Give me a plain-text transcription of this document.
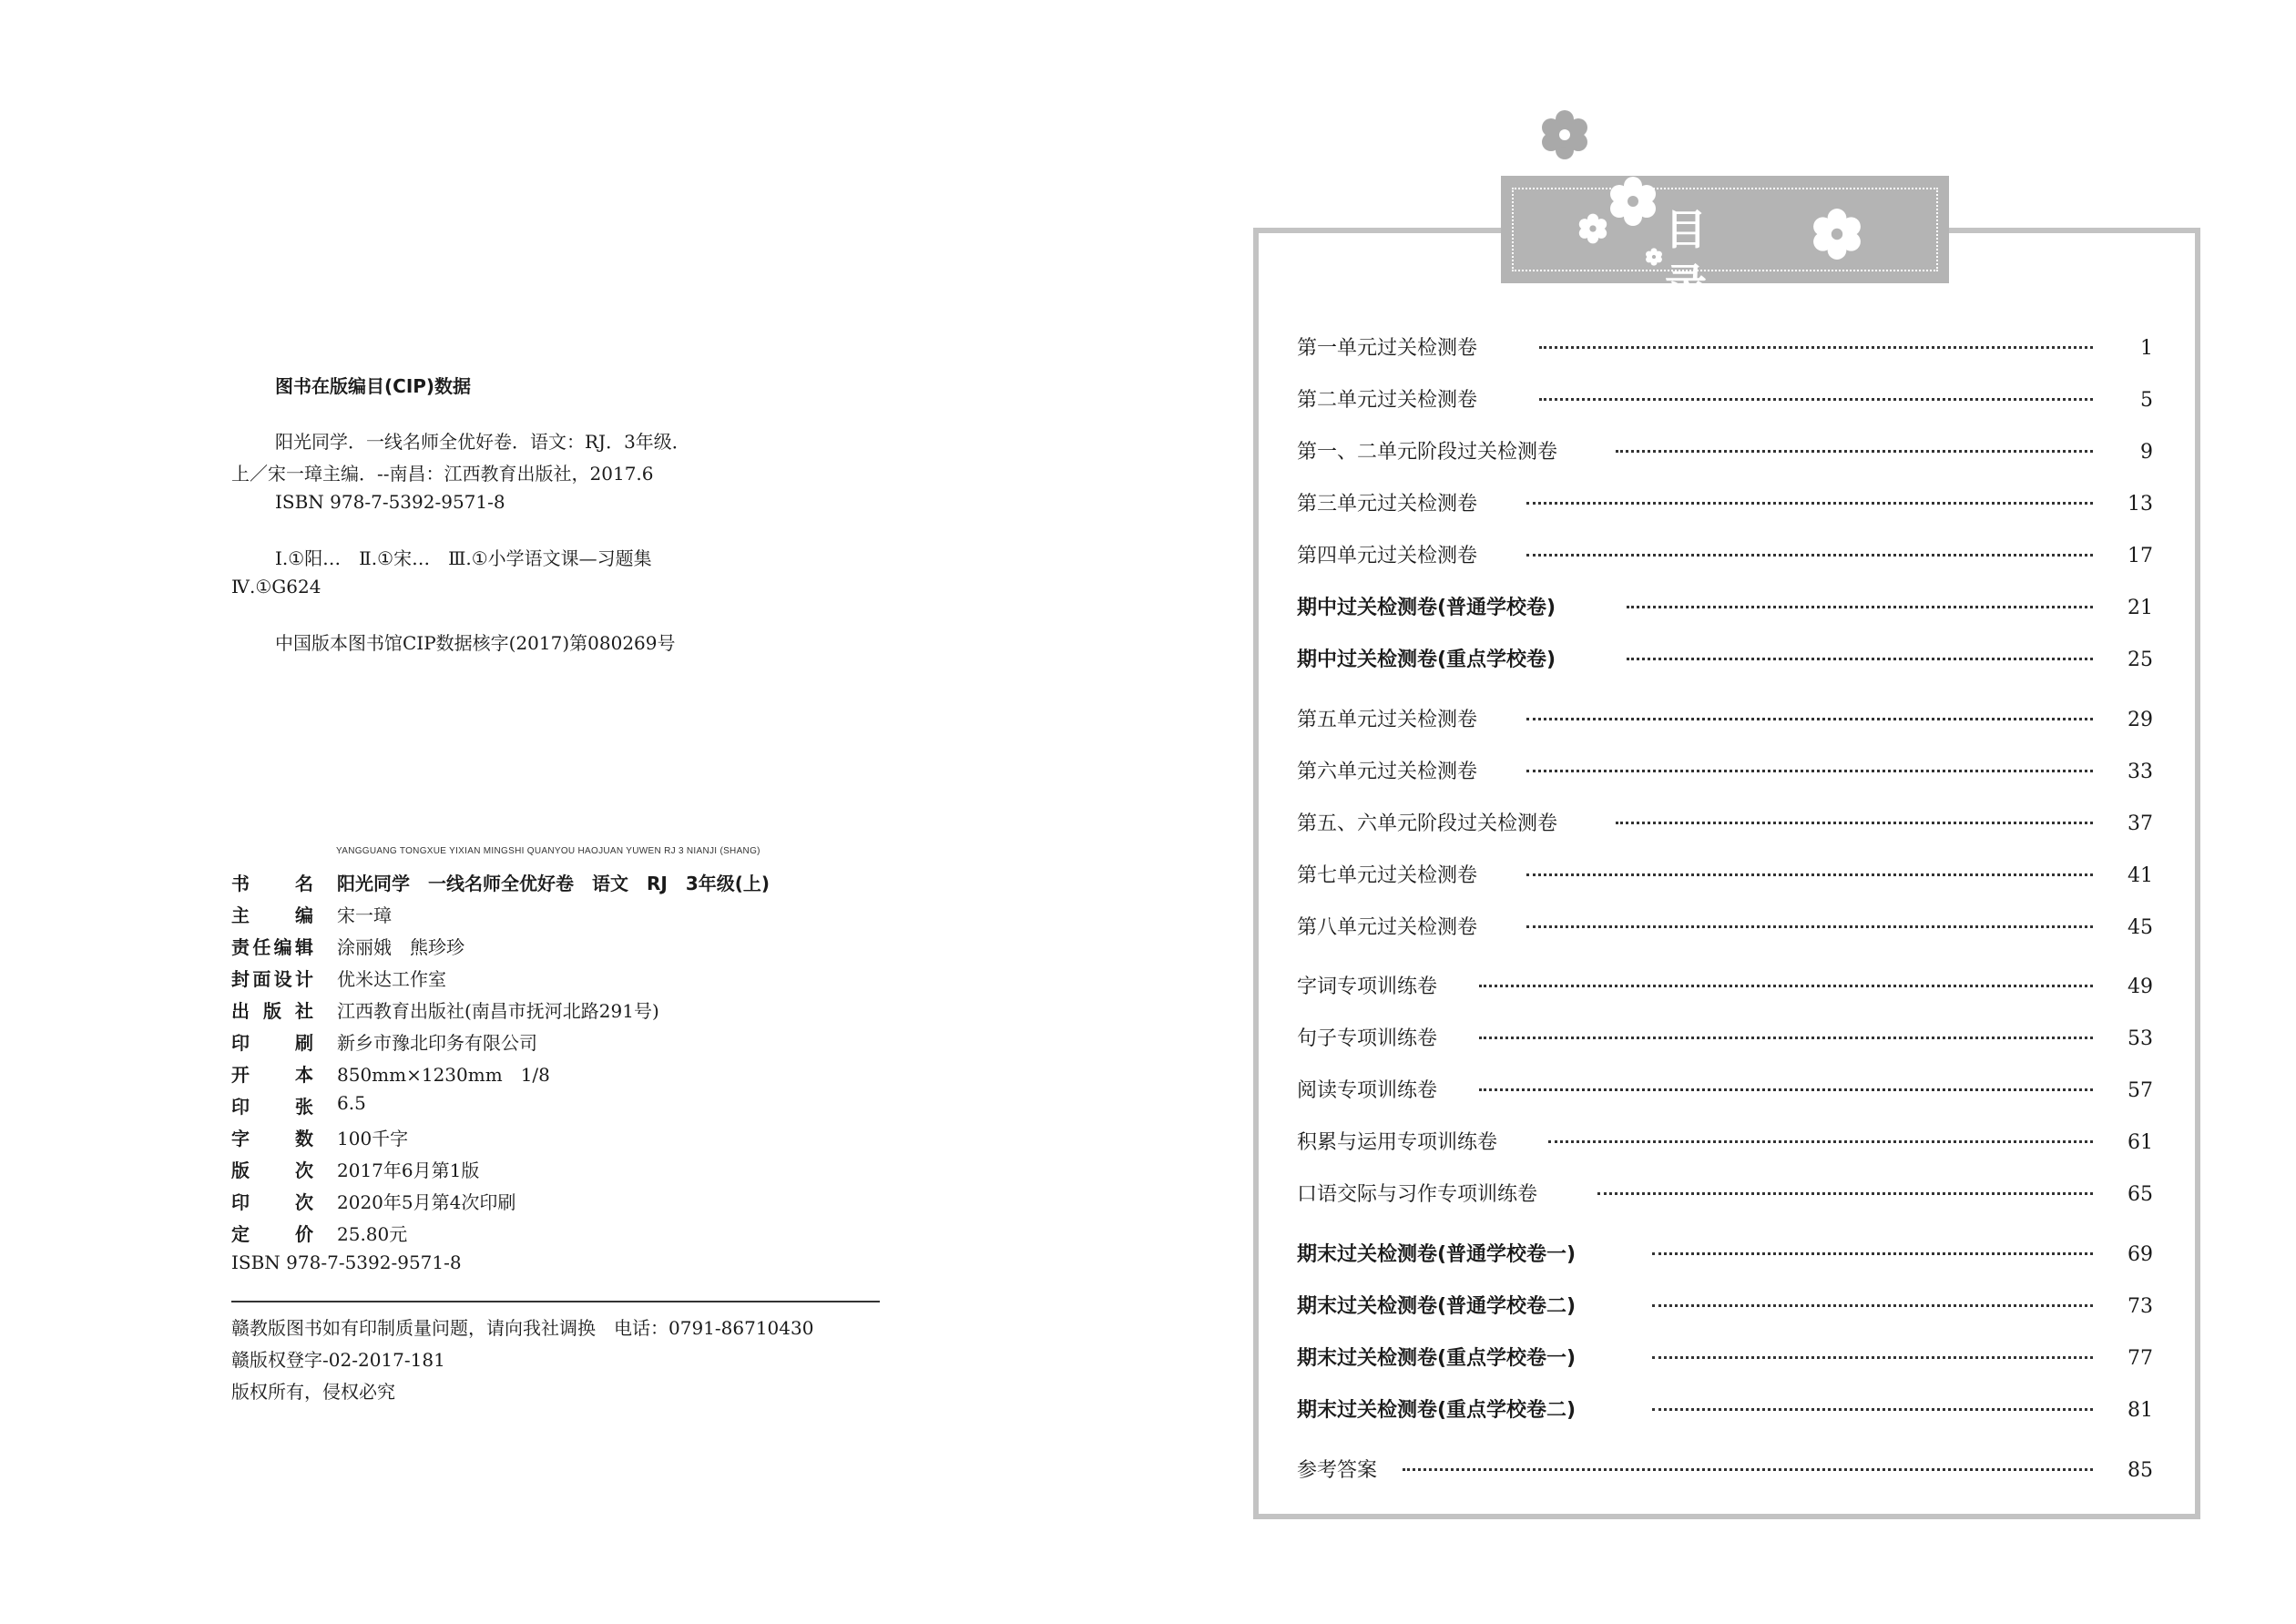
图书在版编目(CIP)数据
阳光同学．一线名师全优好卷．语文：RJ．3年级．
上／宋一璋主编．--南昌：江西教育出版社，2017.6
ISBN 978-7-5392-9571-8
Ⅰ.①阳…　Ⅱ.①宋…　Ⅲ.①小学语文课—习题集
Ⅳ.①G624
中国版本图书馆CIP数据核字(2017)第080269号
YANGGUANG TONGXUE YIXIAN MINGSHI QUANYOU HAOJUAN YUWEN RJ 3 NIANJI (SHANG)
书名 阳光同学　一线名师全优好卷　语文　RJ　3年级(上)
主编 宋一璋
责任编辑 涂丽娥　熊珍珍
封面设计 优米达工作室
出版社 江西教育出版社(南昌市抚河北路291号)
印刷 新乡市豫北印务有限公司
开本 850mm×1230mm　1/8
印张 6.5
字数 100千字
版次 2017年6月第1版
印次 2020年5月第4次印刷
定价 25.80元
ISBN 978-7-5392-9571-8
赣教版图书如有印制质量问题，请向我社调换　电话：0791-86710430
赣版权登字-02-2017-181
版权所有，侵权必究
目录
第一单元过关检测卷	1
第二单元过关检测卷	5
第一、二单元阶段过关检测卷	9
第三单元过关检测卷	13
第四单元过关检测卷	17
期中过关检测卷(普通学校卷)	21
期中过关检测卷(重点学校卷)	25
第五单元过关检测卷	29
第六单元过关检测卷	33
第五、六单元阶段过关检测卷	37
第七单元过关检测卷	41
第八单元过关检测卷	45
字词专项训练卷	49
句子专项训练卷	53
阅读专项训练卷	57
积累与运用专项训练卷	61
口语交际与习作专项训练卷	65
期末过关检测卷(普通学校卷一)	69
期末过关检测卷(普通学校卷二)	73
期末过关检测卷(重点学校卷一)	77
期末过关检测卷(重点学校卷二)	81
参考答案	85
